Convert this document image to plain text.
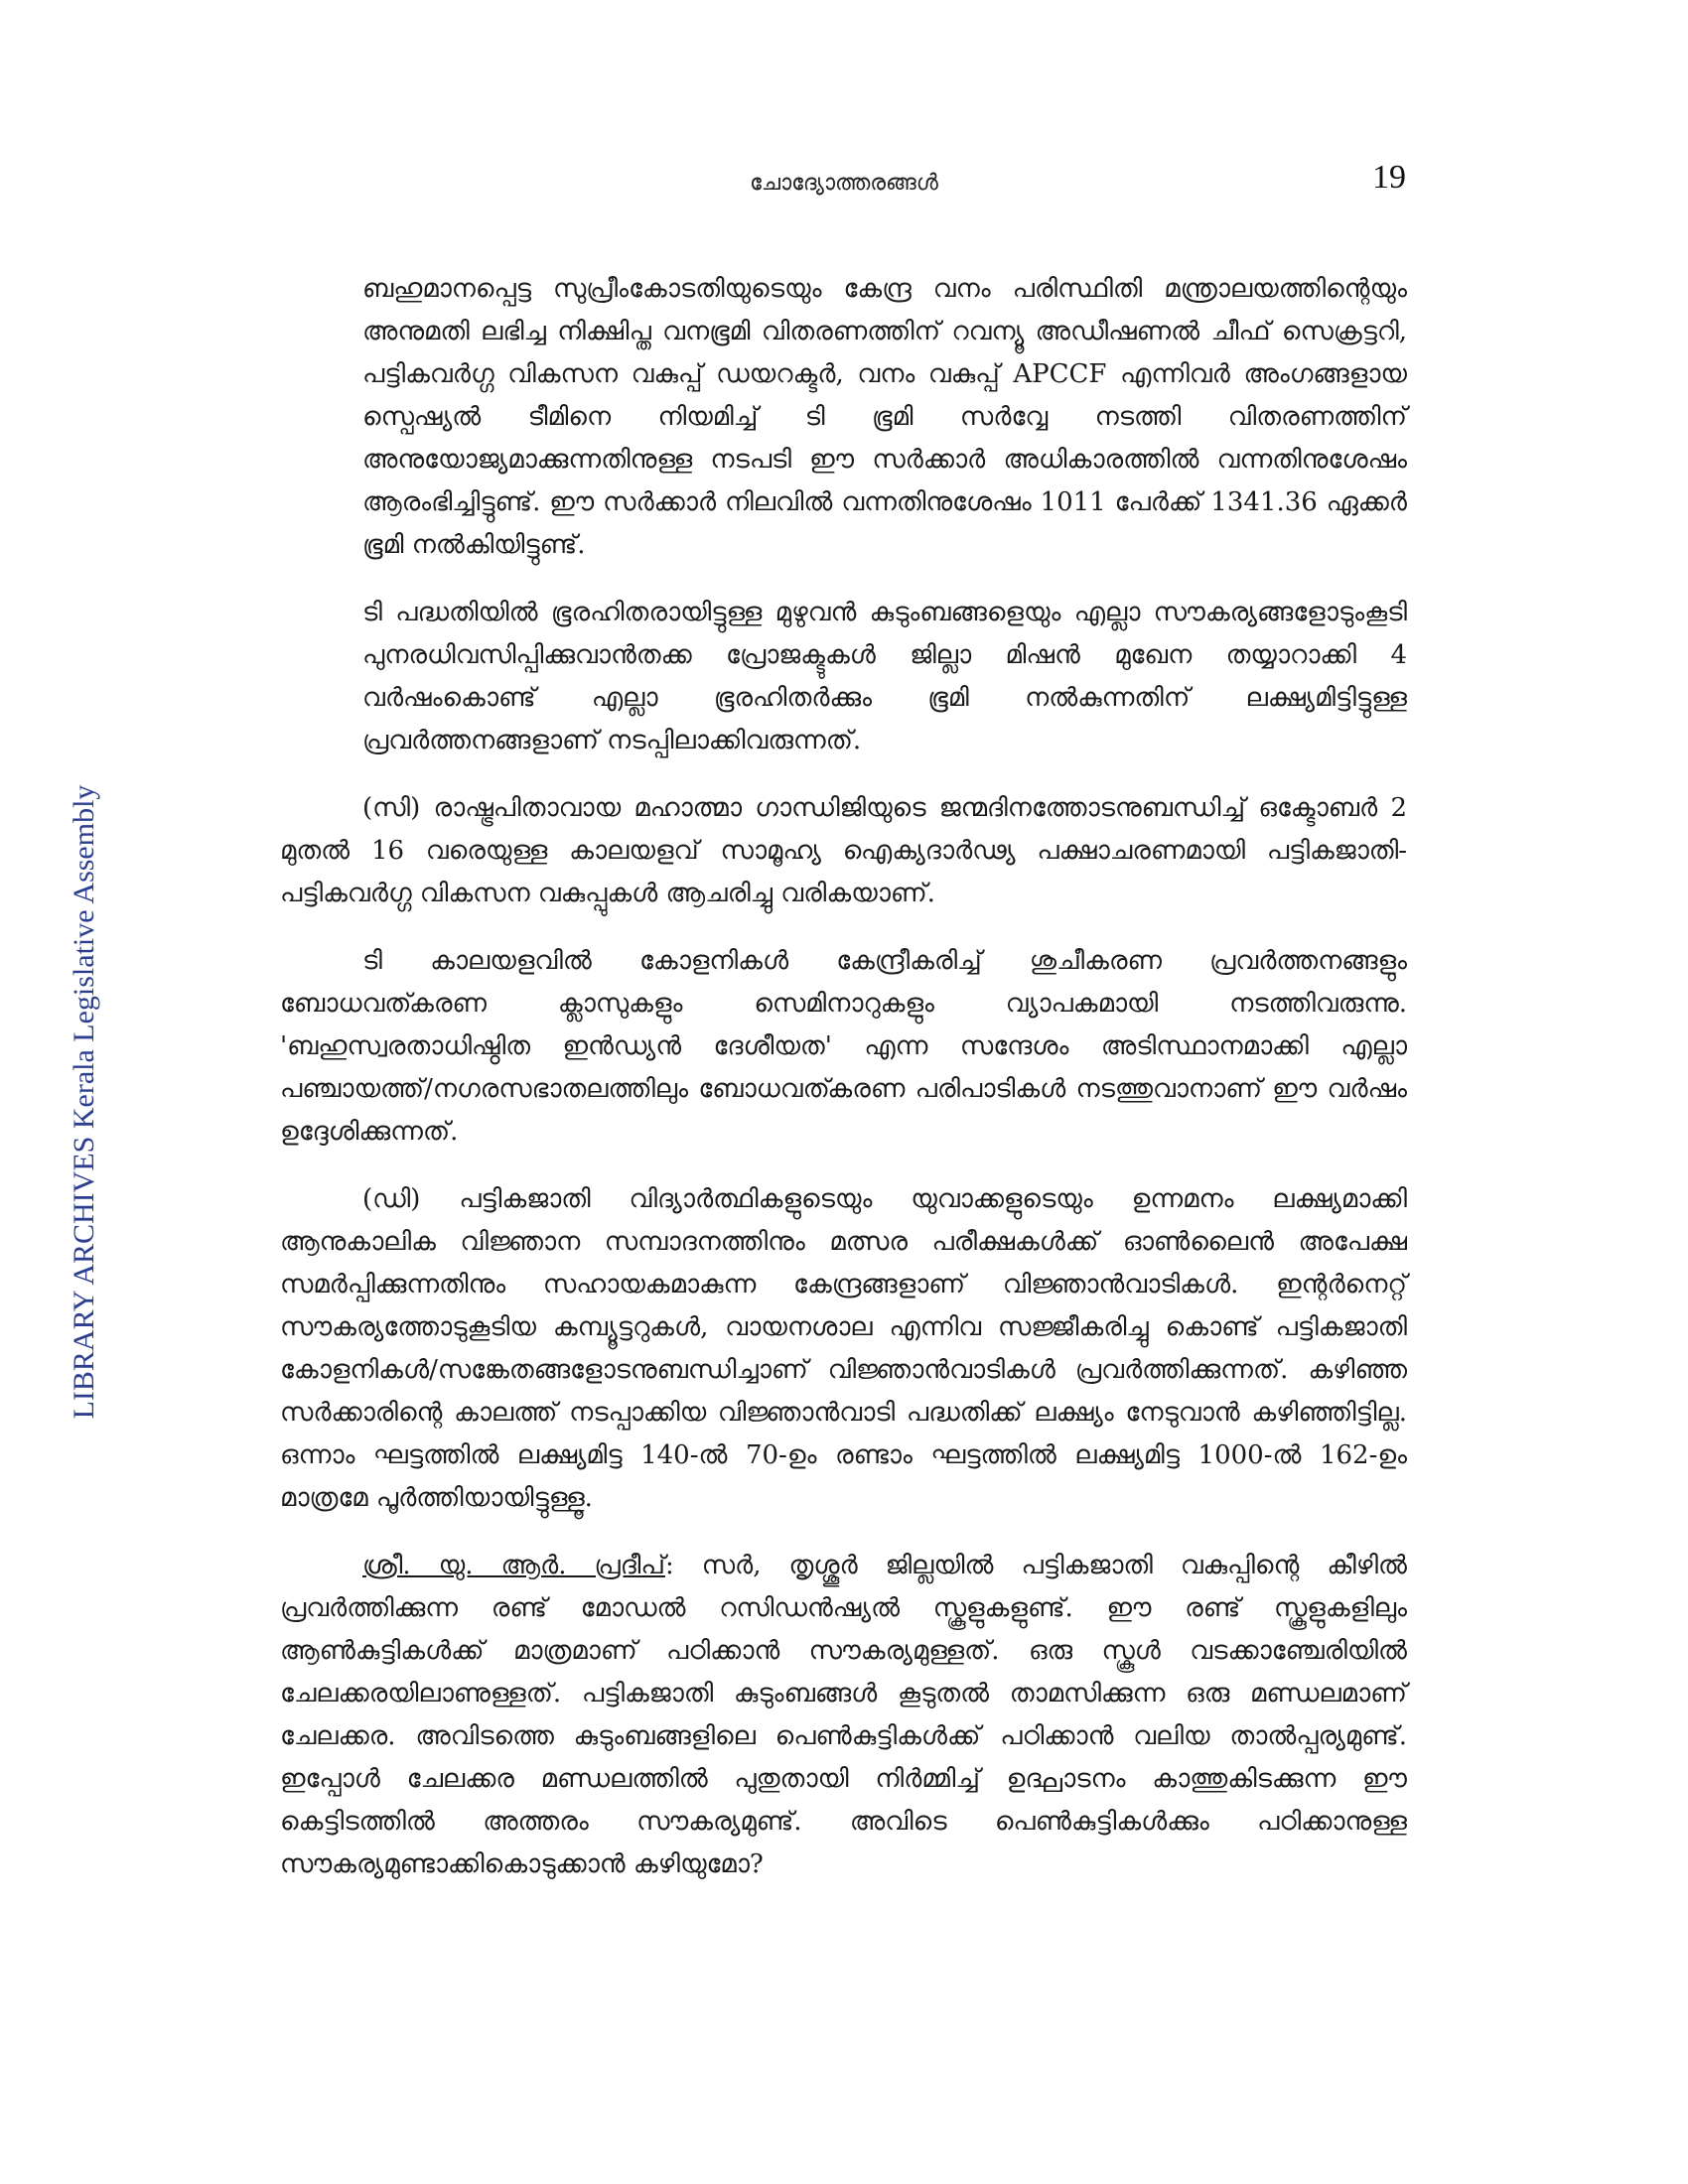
ചോദ്യോത്തരങ്ങൾ	19
LIBRARY ARCHIVES Kerala Legislative Assembly

ബഹുമാനപ്പെട്ട സുപ്രീംകോടതിയുടെയും കേന്ദ്ര വനം പരിസ്ഥിതി മന്ത്രാലയത്തിന്റെയും അനുമതി ലഭിച്ച നിക്ഷിപ്ത വനഭൂമി വിതരണത്തിന് റവന്യൂ അഡീഷണൽ ചീഫ് സെക്രട്ടറി, പട്ടികവർഗ്ഗ വികസന വകുപ്പ് ഡയറക്ടർ, വനം വകുപ്പ് APCCF എന്നിവർ അംഗങ്ങളായ സ്പെഷ്യൽ ടീമിനെ നിയമിച്ച് ടി ഭൂമി സർവ്വേ നടത്തി വിതരണത്തിന് അനുയോജ്യമാക്കുന്നതിനുള്ള നടപടി ഈ സർക്കാർ അധികാരത്തിൽ വന്നതിനുശേഷം ആരംഭിച്ചിട്ടുണ്ട്. ഈ സർക്കാർ നിലവിൽ വന്നതിനുശേഷം 1011 പേർക്ക് 1341.36 ഏക്കർ ഭൂമി നൽകിയിട്ടുണ്ട്.

ടി പദ്ധതിയിൽ ഭൂരഹിതരായിട്ടുള്ള മുഴുവൻ കുടുംബങ്ങളെയും എല്ലാ സൗകര്യങ്ങളോടുംകൂടി പുനരധിവസിപ്പിക്കുവാൻതക്ക പ്രോജക്ടുകൾ ജില്ലാ മിഷൻ മുഖേന തയ്യാറാക്കി 4 വർഷംകൊണ്ട് എല്ലാ ഭൂരഹിതർക്കും ഭൂമി നൽകുന്നതിന് ലക്ഷ്യമിട്ടിട്ടുള്ള പ്രവർത്തനങ്ങളാണ് നടപ്പിലാക്കിവരുന്നത്.

(സി) രാഷ്ട്രപിതാവായ മഹാത്മാ ഗാന്ധിജിയുടെ ജന്മദിനത്തോടനുബന്ധിച്ച് ഒക്ടോബർ 2 മുതൽ 16 വരെയുള്ള കാലയളവ് സാമൂഹ്യ ഐക്യദാർഢ്യ പക്ഷാചരണമായി പട്ടികജാതി-പട്ടികവർഗ്ഗ വികസന വകുപ്പുകൾ ആചരിച്ചു വരികയാണ്.

ടി കാലയളവിൽ കോളനികൾ കേന്ദ്രീകരിച്ച് ശുചീകരണ പ്രവർത്തനങ്ങളും ബോധവത്കരണ ക്ലാസുകളും സെമിനാറുകളും വ്യാപകമായി നടത്തിവരുന്നു. 'ബഹുസ്വരതാധിഷ്ഠിത ഇൻഡ്യൻ ദേശീയത' എന്ന സന്ദേശം അടിസ്ഥാനമാക്കി എല്ലാ പഞ്ചായത്ത്/നഗരസഭാതലത്തിലും ബോധവത്കരണ പരിപാടികൾ നടത്തുവാനാണ് ഈ വർഷം ഉദ്ദേശിക്കുന്നത്.

(ഡി) പട്ടികജാതി വിദ്യാർത്ഥികളുടെയും യുവാക്കളുടെയും ഉന്നമനം ലക്ഷ്യമാക്കി ആനുകാലിക വിജ്ഞാന സമ്പാദനത്തിനും മത്സര പരീക്ഷകൾക്ക് ഓൺലൈൻ അപേക്ഷ സമർപ്പിക്കുന്നതിനും സഹായകമാകുന്ന കേന്ദ്രങ്ങളാണ് വിജ്ഞാൻവാടികൾ. ഇന്റർനെറ്റ് സൗകര്യത്തോടുകൂടിയ കമ്പ്യൂട്ടറുകൾ, വായനശാല എന്നിവ സജ്ജീകരിച്ചു കൊണ്ട് പട്ടികജാതി കോളനികൾ/സങ്കേതങ്ങളോടനുബന്ധിച്ചാണ് വിജ്ഞാൻവാടികൾ പ്രവർത്തിക്കുന്നത്. കഴിഞ്ഞ സർക്കാരിന്റെ കാലത്ത് നടപ്പാക്കിയ വിജ്ഞാൻവാടി പദ്ധതിക്ക് ലക്ഷ്യം നേടുവാൻ കഴിഞ്ഞിട്ടില്ല. ഒന്നാം ഘട്ടത്തിൽ ലക്ഷ്യമിട്ട 140-ൽ 70-ഉം രണ്ടാം ഘട്ടത്തിൽ ലക്ഷ്യമിട്ട 1000-ൽ 162-ഉം മാത്രമേ പൂർത്തിയായിട്ടുള്ളൂ.

ശ്രീ. യു. ആർ. പ്രദീപ്: സർ, തൃശ്ശൂർ ജില്ലയിൽ പട്ടികജാതി വകുപ്പിന്റെ കീഴിൽ പ്രവർത്തിക്കുന്ന രണ്ട് മോഡൽ റസിഡൻഷ്യൽ സ്കൂളുകളുണ്ട്. ഈ രണ്ട് സ്കൂളുകളിലും ആൺകുട്ടികൾക്ക് മാത്രമാണ് പഠിക്കാൻ സൗകര്യമുള്ളത്. ഒരു സ്കൂൾ വടക്കാഞ്ചേരിയിൽ ചേലക്കരയിലാണുള്ളത്. പട്ടികജാതി കുടുംബങ്ങൾ കൂടുതൽ താമസിക്കുന്ന ഒരു മണ്ഡലമാണ് ചേലക്കര. അവിടത്തെ കുടുംബങ്ങളിലെ പെൺകുട്ടികൾക്ക് പഠിക്കാൻ വലിയ താൽപ്പര്യമുണ്ട്. ഇപ്പോൾ ചേലക്കര മണ്ഡലത്തിൽ പുതുതായി നിർമ്മിച്ച് ഉദ്ഘാടനം കാത്തുകിടക്കുന്ന ഈ കെട്ടിടത്തിൽ അത്തരം സൗകര്യമുണ്ട്. അവിടെ പെൺകുട്ടികൾക്കും പഠിക്കാനുള്ള സൗകര്യമുണ്ടാക്കികൊടുക്കാൻ കഴിയുമോ?
